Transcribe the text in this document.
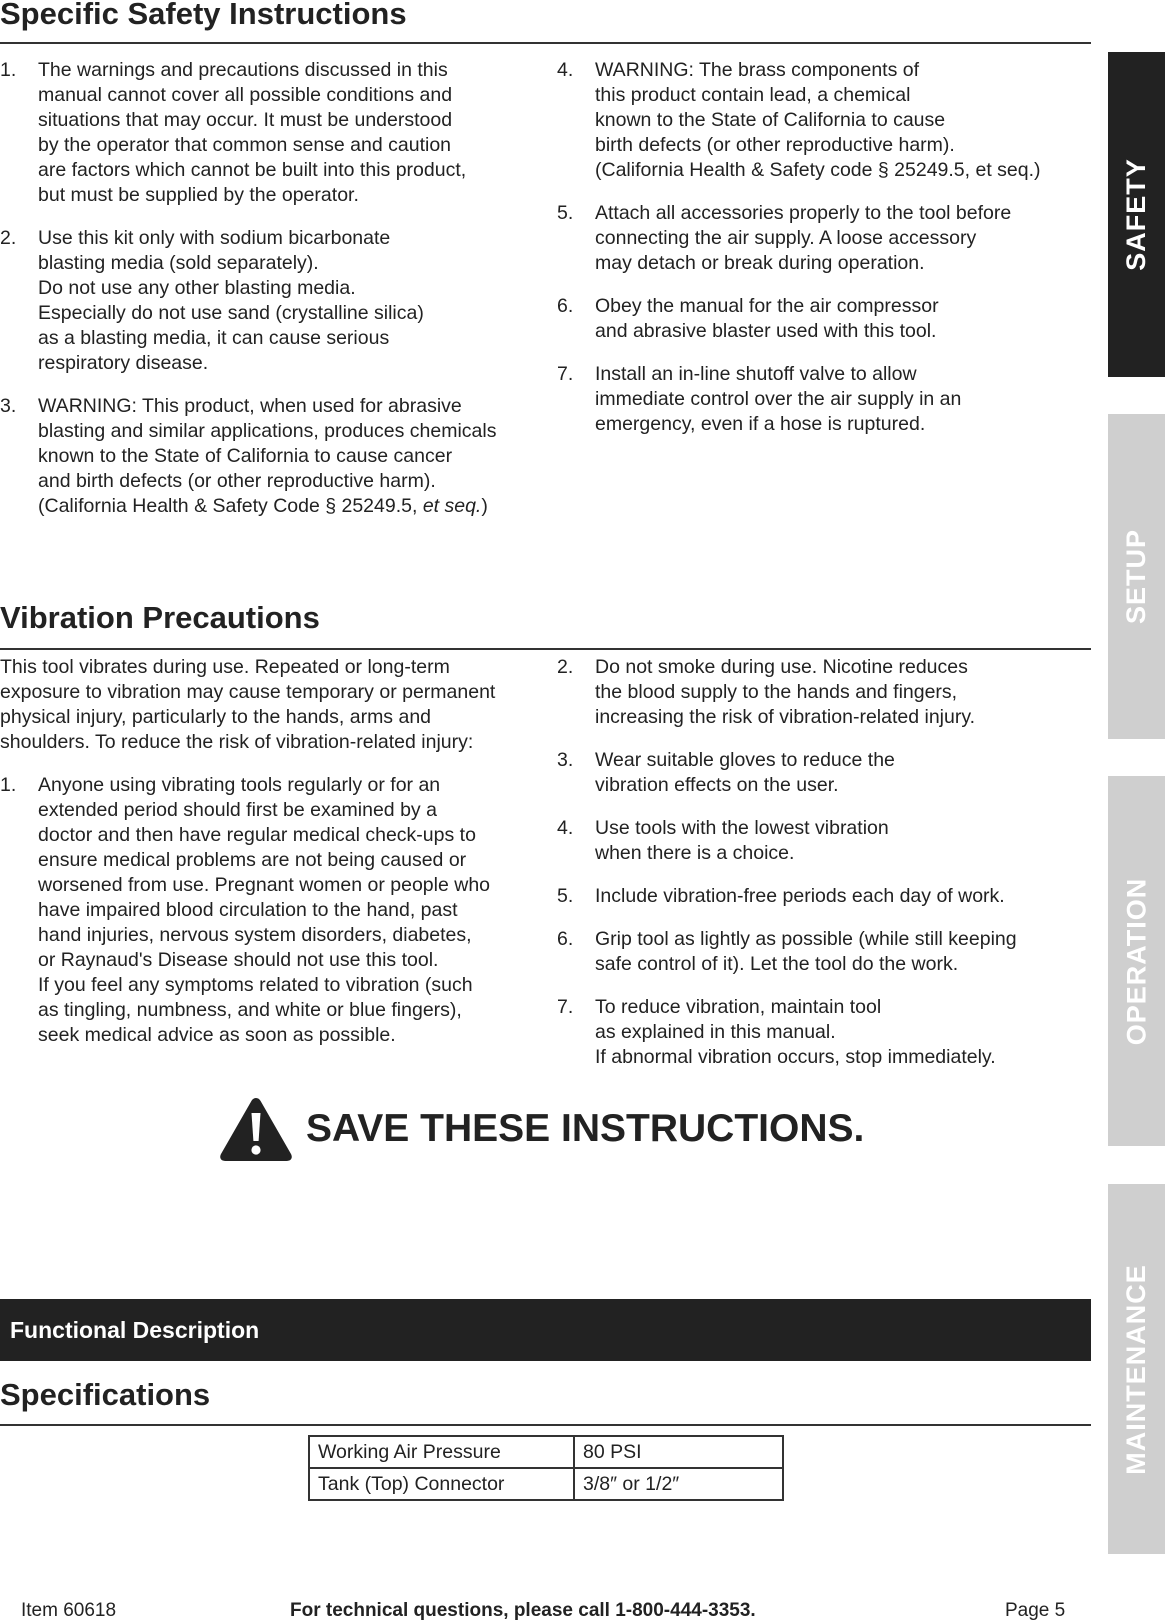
Specific Safety Instructions
1. The warnings and precautions discussed in this
manual cannot cover all possible conditions and
situations that may occur. It must be understood
by the operator that common sense and caution
are factors which cannot be built into this product,
but must be supplied by the operator.
2. Use this kit only with sodium bicarbonate
blasting media (sold separately).
Do not use any other blasting media.
Especially do not use sand (crystalline silica)
as a blasting media, it can cause serious
respiratory disease.
3. WARNING: This product, when used for abrasive
blasting and similar applications, produces chemicals
known to the State of California to cause cancer
and birth defects (or other reproductive harm).
(California Health & Safety Code § 25249.5, et seq.)
4. WARNING: The brass components of
this product contain lead, a chemical
known to the State of California to cause
birth defects (or other reproductive harm).
(California Health & Safety code § 25249.5, et seq.)
5. Attach all accessories properly to the tool before
connecting the air supply. A loose accessory
may detach or break during operation.
6. Obey the manual for the air compressor
and abrasive blaster used with this tool.
7. Install an in-line shutoff valve to allow
immediate control over the air supply in an
emergency, even if a hose is ruptured.
Vibration Precautions

This tool vibrates during use. Repeated or long-term
exposure to vibration may cause temporary or permanent
physical injury, particularly to the hands, arms and
shoulders. To reduce the risk of vibration-related injury:

1. Anyone using vibrating tools regularly or for an
extended period should first be examined by a
doctor and then have regular medical check-ups to
ensure medical problems are not being caused or
worsened from use. Pregnant women or people who
have impaired blood circulation to the hand, past
hand injuries, nervous system disorders, diabetes,
or Raynaud's Disease should not use this tool.
If you feel any symptoms related to vibration (such
as tingling, numbness, and white or blue fingers),
seek medical advice as soon as possible.
2. Do not smoke during use. Nicotine reduces
the blood supply to the hands and fingers,
increasing the risk of vibration-related injury.
3. Wear suitable gloves to reduce the
vibration effects on the user.
4. Use tools with the lowest vibration
when there is a choice.
5. Include vibration-free periods each day of work.
6. Grip tool as lightly as possible (while still keeping
safe control of it). Let the tool do the work.
7. To reduce vibration, maintain tool
as explained in this manual.
If abnormal vibration occurs, stop immediately.
SAVE THESE INSTRUCTIONS.
Functional Description
Specifications
Working Air Pressure	80 PSI
Tank (Top) Connector	3/8″ or 1/2″
Item 60618	For technical questions, please call 1-800-444-3353.	Page 5
SAFETY
SETUP
OPERATION
MAINTENANCE
